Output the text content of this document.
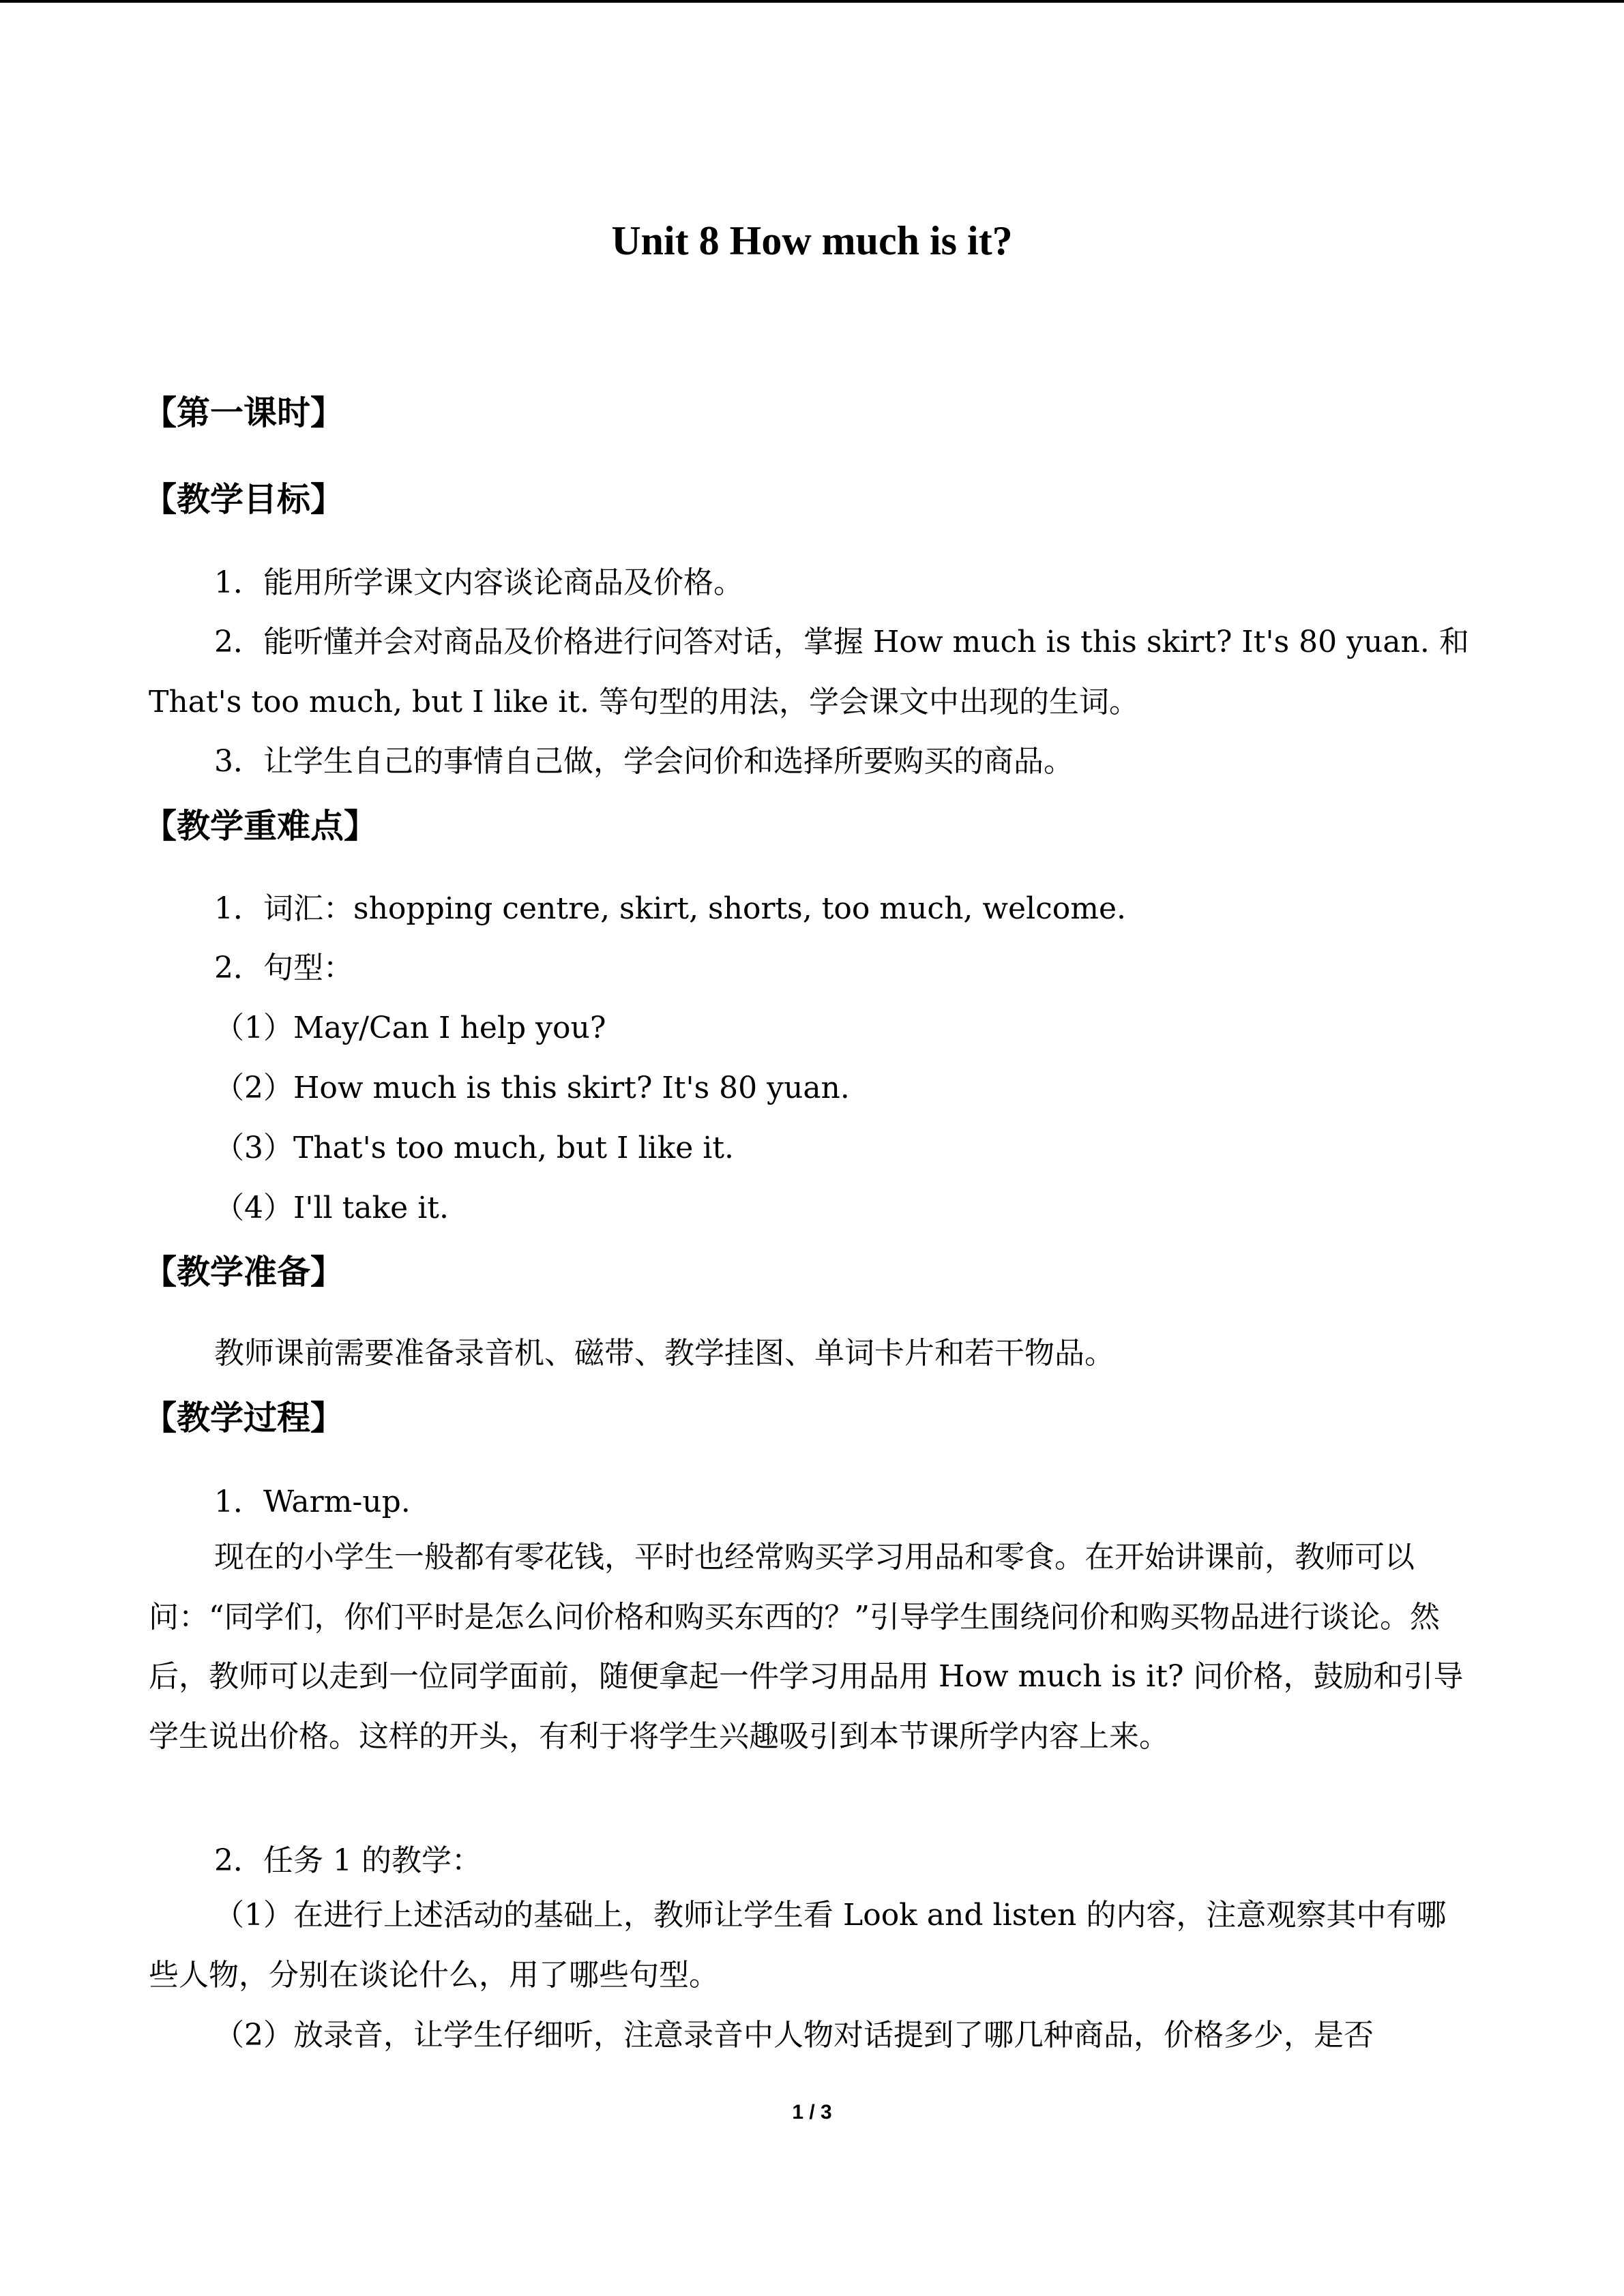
Unit 8 How much is it?
【第一课时】
【教学目标】
1．能用所学课文内容谈论商品及价格。
2．能听懂并会对商品及价格进行问答对话，掌握 How much is this skirt? It's 80 yuan. 和
That's too much, but I like it. 等句型的用法，学会课文中出现的生词。
3．让学生自己的事情自己做，学会问价和选择所要购买的商品。
【教学重难点】
1．词汇：shopping centre, skirt, shorts, too much, welcome.
2．句型：
（1）May/Can I help you?
（2）How much is this skirt? It's 80 yuan.
（3）That's too much, but I like it.
（4）I'll take it.
【教学准备】
教师课前需要准备录音机、磁带、教学挂图、单词卡片和若干物品。
【教学过程】
1．Warm-up.
现在的小学生一般都有零花钱，平时也经常购买学习用品和零食。在开始讲课前，教师可以问：“同学们，你们平时是怎么问价格和购买东西的？”引导学生围绕问价和购买物品进行谈论。然后，教师可以走到一位同学面前，随便拿起一件学习用品用 How much is it? 问价格，鼓励和引导学生说出价格。这样的开头，有利于将学生兴趣吸引到本节课所学内容上来。
2．任务 1 的教学：
（1）在进行上述活动的基础上，教师让学生看 Look and listen 的内容，注意观察其中有哪些人物，分别在谈论什么，用了哪些句型。
（2）放录音，让学生仔细听，注意录音中人物对话提到了哪几种商品，价格多少，是否
1 / 3
